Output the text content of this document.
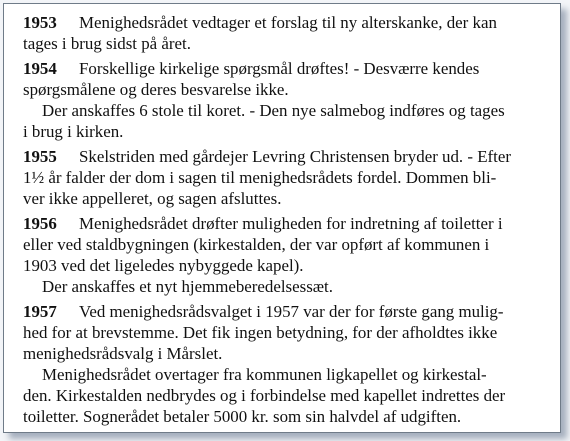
1953 Menighedsrådet vedtager et forslag til ny alterskanke, der kan
tages i brug sidst på året.
1954 Forskellige kirkelige spørgsmål drøftes! - Desværre kendes
spørgsmålene og deres besvarelse ikke.
Der anskaffes 6 stole til koret. - Den nye salmebog indføres og tages
i brug i kirken.
1955 Skelstriden med gårdejer Levring Christensen bryder ud. - Efter
1½ år falder der dom i sagen til menighedsrådets fordel. Dommen bli-
ver ikke appelleret, og sagen afsluttes.
1956 Menighedsrådet drøfter muligheden for indretning af toiletter i
eller ved staldbygningen (kirkestalden, der var opført af kommunen i
1903 ved det ligeledes nybyggede kapel).
Der anskaffes et nyt hjemmeberedelsessæt.
1957 Ved menighedsrådsvalget i 1957 var der for første gang mulig-
hed for at brevstemme. Det fik ingen betydning, for der afholdtes ikke
menighedsrådsvalg i Mårslet.
Menighedsrådet overtager fra kommunen ligkapellet og kirkestal-
den. Kirkestalden nedbrydes og i forbindelse med kapellet indrettes der
toiletter. Sognerådet betaler 5000 kr. som sin halvdel af udgiften.
